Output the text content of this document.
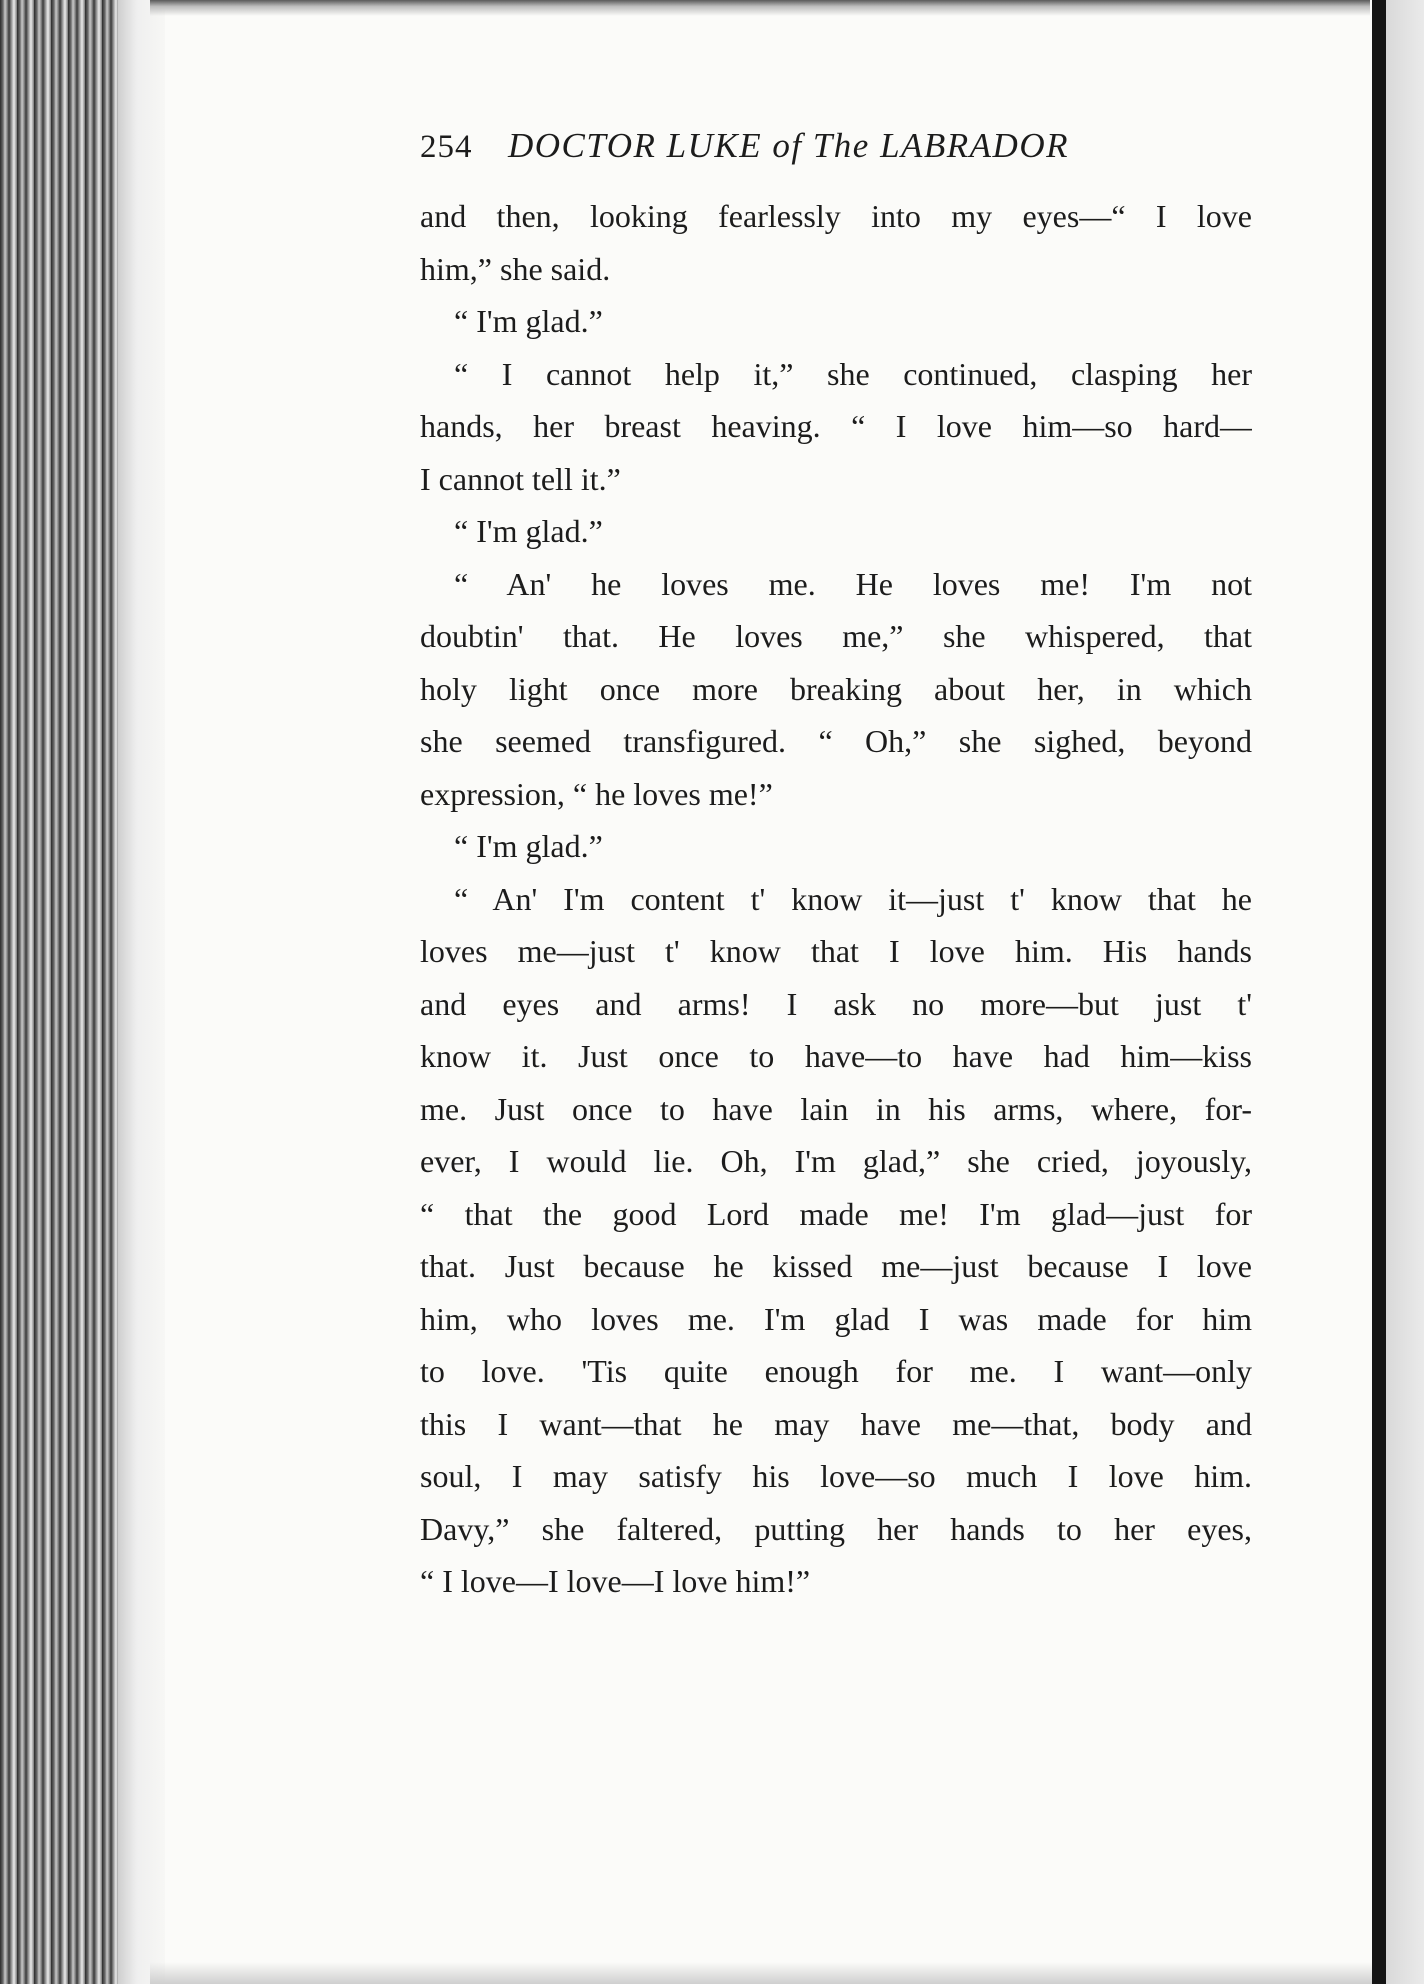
254	DOCTOR LUKE of The LABRADOR
and then, looking fearlessly into my eyes—“ I love
him,” she said.
“ I'm glad.”
“ I cannot help it,” she continued, clasping her
hands, her breast heaving. “ I love him—so hard—
I cannot tell it.”
“ I'm glad.”
“ An' he loves me. He loves me! I'm not
doubtin' that. He loves me,” she whispered, that
holy light once more breaking about her, in which
she seemed transfigured. “ Oh,” she sighed, beyond
expression, “ he loves me!”
“ I'm glad.”
“ An' I'm content t' know it—just t' know that he
loves me—just t' know that I love him. His hands
and eyes and arms! I ask no more—but just t'
know it. Just once to have—to have had him—kiss
me. Just once to have lain in his arms, where, for-
ever, I would lie. Oh, I'm glad,” she cried, joyously,
“ that the good Lord made me! I'm glad—just for
that. Just because he kissed me—just because I love
him, who loves me. I'm glad I was made for him
to love. 'Tis quite enough for me. I want—only
this I want—that he may have me—that, body and
soul, I may satisfy his love—so much I love him.
Davy,” she faltered, putting her hands to her eyes,
“ I love—I love—I love him!”
